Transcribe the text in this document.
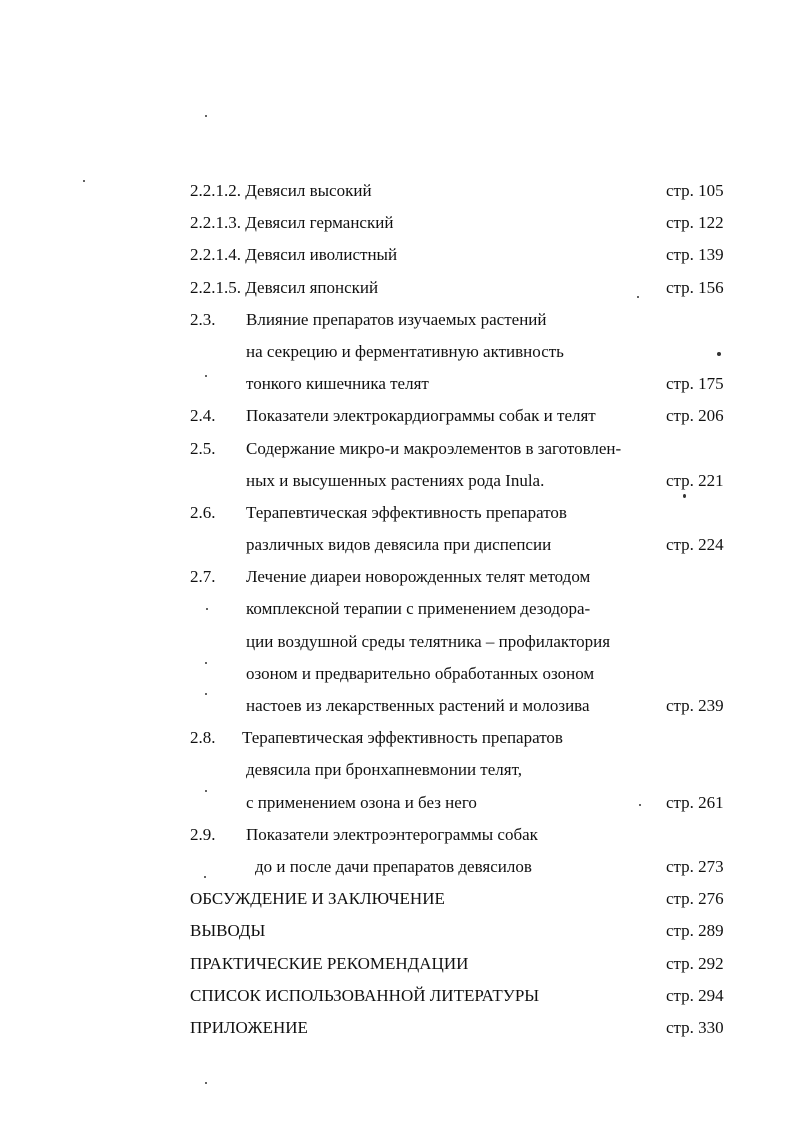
2.2.1.2. Девясил высокий	стр. 105
2.2.1.3. Девясил германский	стр. 122
2.2.1.4. Девясил иволистный	стр. 139
2.2.1.5. Девясил японский	стр. 156
2.3. Влияние препаратов изучаемых растений
на секрецию и ферментативную активность
тонкого кишечника телят	стр. 175
2.4. Показатели электрокардиограммы собак и телят	стр. 206
2.5. Содержание микро-и макроэлементов в заготовлен-
ных и высушенных растениях рода Inula.	стр. 221
2.6. Терапевтическая эффективность препаратов
различных видов девясила при диспепсии	стр. 224
2.7. Лечение диареи новорожденных телят методом
комплексной терапии с применением дезодора-
ции воздушной среды телятника – профилактория
озоном и предварительно обработанных озоном
настоев из лекарственных растений и молозива	стр. 239
2.8. Терапевтическая эффективность препаратов
девясила при бронхапневмонии телят,
с применением озона и без него	стр. 261
2.9. Показатели электроэнтерограммы собак
до и после дачи препаратов девясилов	стр. 273
ОБСУЖДЕНИЕ И ЗАКЛЮЧЕНИЕ	стр. 276
ВЫВОДЫ	стр. 289
ПРАКТИЧЕСКИЕ РЕКОМЕНДАЦИИ	стр. 292
СПИСОК ИСПОЛЬЗОВАННОЙ ЛИТЕРАТУРЫ	стр. 294
ПРИЛОЖЕНИЕ	стр. 330
